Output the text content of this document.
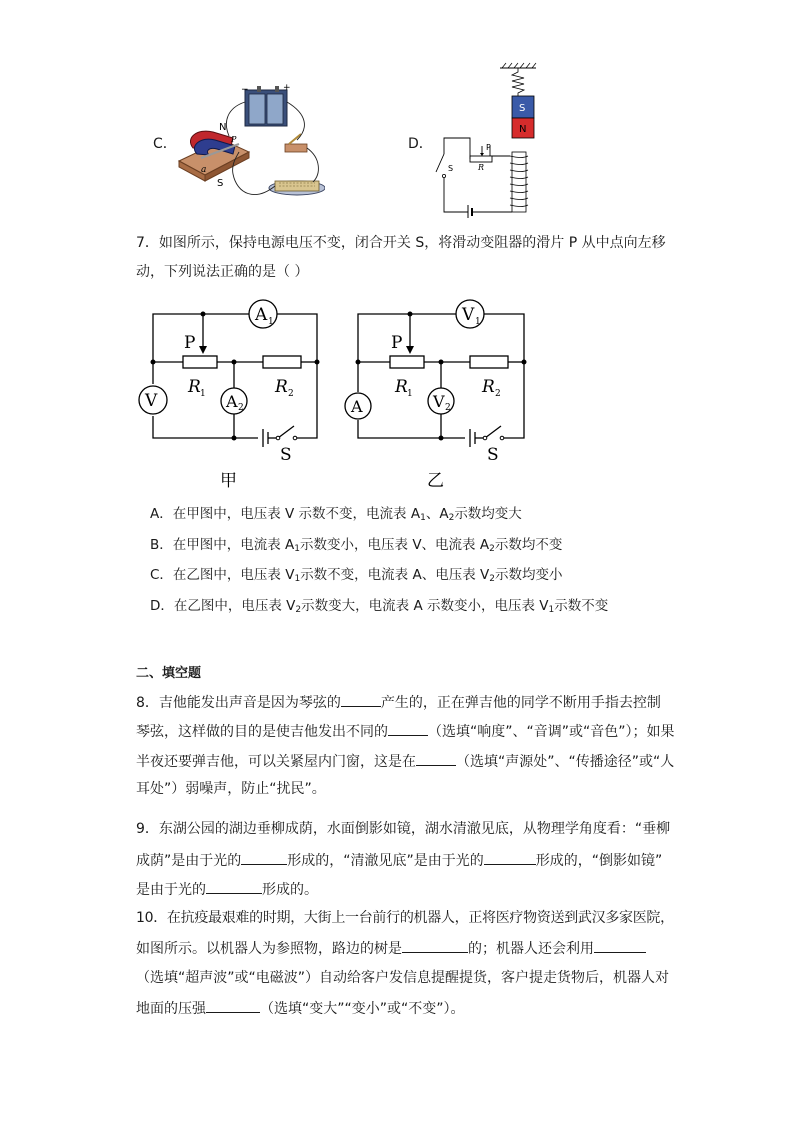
C．
−	+
N
P
a
S
D．
S
N
P
R
S
7．如图所示，保持电源电压不变，闭合开关 S，将滑动变阻器的滑片 P 从中点向左移
动，下列说法正确的是（ ）
A 1
V	A 2
P
R 1	R 2
S
甲
V 1
A	V 2
P
R 1	R 2
S
乙
A．在甲图中，电压表 V 示数不变，电流表 $A_1$、$A_2$示数均变大
B．在甲图中，电流表 $A_1$示数变小，电压表 V、电流表 $A_2$示数均不变
C．在乙图中，电压表 $V_1$示数不变，电流表 A、电压表 $V_2$示数均变小
D．在乙图中，电压表 $V_2$示数变大，电流表 A 示数变小，电压表 $V_1$示数不变
二、填空题
8．吉他能发出声音是因为琴弦的	产生的，正在弹吉他的同学不断用手指去控制
琴弦，这样做的目的是使吉他发出不同的	（选填“响度”、“音调”或“音色”）；如果
半夜还要弹吉他，可以关紧屋内门窗，这是在	（选填“声源处”、“传播途径”或“人
耳处”）弱噪声，防止“扰民”。
9．东湖公园的湖边垂柳成荫，水面倒影如镜，湖水清澈见底，从物理学角度看：“垂柳
成荫”是由于光的	形成的，“清澈见底”是由于光的	形成的，“倒影如镜”
是由于光的	形成的。
10．在抗疫最艰难的时期，大街上一台前行的机器人，正将医疗物资送到武汉多家医院，
如图所示。以机器人为参照物，路边的树是	的；机器人还会利用
（选填“超声波”或“电磁波”）自动给客户发信息提醒提货，客户提走货物后，机器人对
地面的压强	（选填“变大”“变小”或“不变”）。
